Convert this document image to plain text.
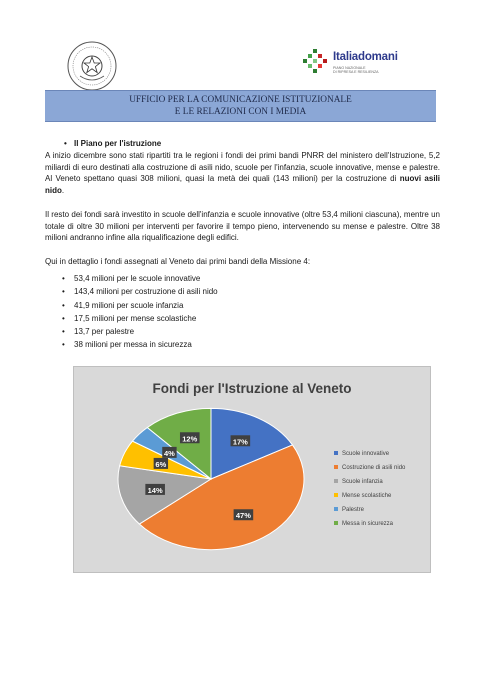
Italiadomani
PIANO NAZIONALE
DI RIPRESA E RESILIENZA
UFFICIO PER LA COMUNICAZIONE ISTITUZIONALE
E LE RELAZIONI CON I MEDIA
• Il Piano per l'istruzione
A inizio dicembre sono stati ripartiti tra le regioni i fondi dei primi bandi PNRR del ministero dell'Istruzione, 5,2 miliardi di euro destinati alla costruzione di asili nido, scuole per l'infanzia, scuole innovative, mense e palestre. Al Veneto spettano quasi 308 milioni, quasi la metà dei quali (143 milioni) per la costruzione di nuovi asili nido.
Il resto dei fondi sarà investito in scuole dell'infanzia e scuole innovative (oltre 53,4 milioni ciascuna), mentre un totale di oltre 30 milioni per interventi per favorire il tempo pieno, intervenendo su mense e palestre. Oltre 38 milioni andranno infine alla riqualificazione degli edifici.
Qui in dettaglio i fondi assegnati al Veneto dai primi bandi della Missione 4:
• 53,4 milioni per le scuole innovative
• 143,4 milioni per costruzione di asili nido
• 41,9 milioni per scuole infanzia
• 17,5 milioni per mense scolastiche
• 13,7 per palestre
• 38 milioni per messa in sicurezza
Fondi per l'Istruzione al Veneto
17%
47%
14%
6%
4%
12%
Scuole innovative
Costruzione di asili nido
Scuole infanzia
Mense scolastiche
Palestre
Messa in sicurezza
